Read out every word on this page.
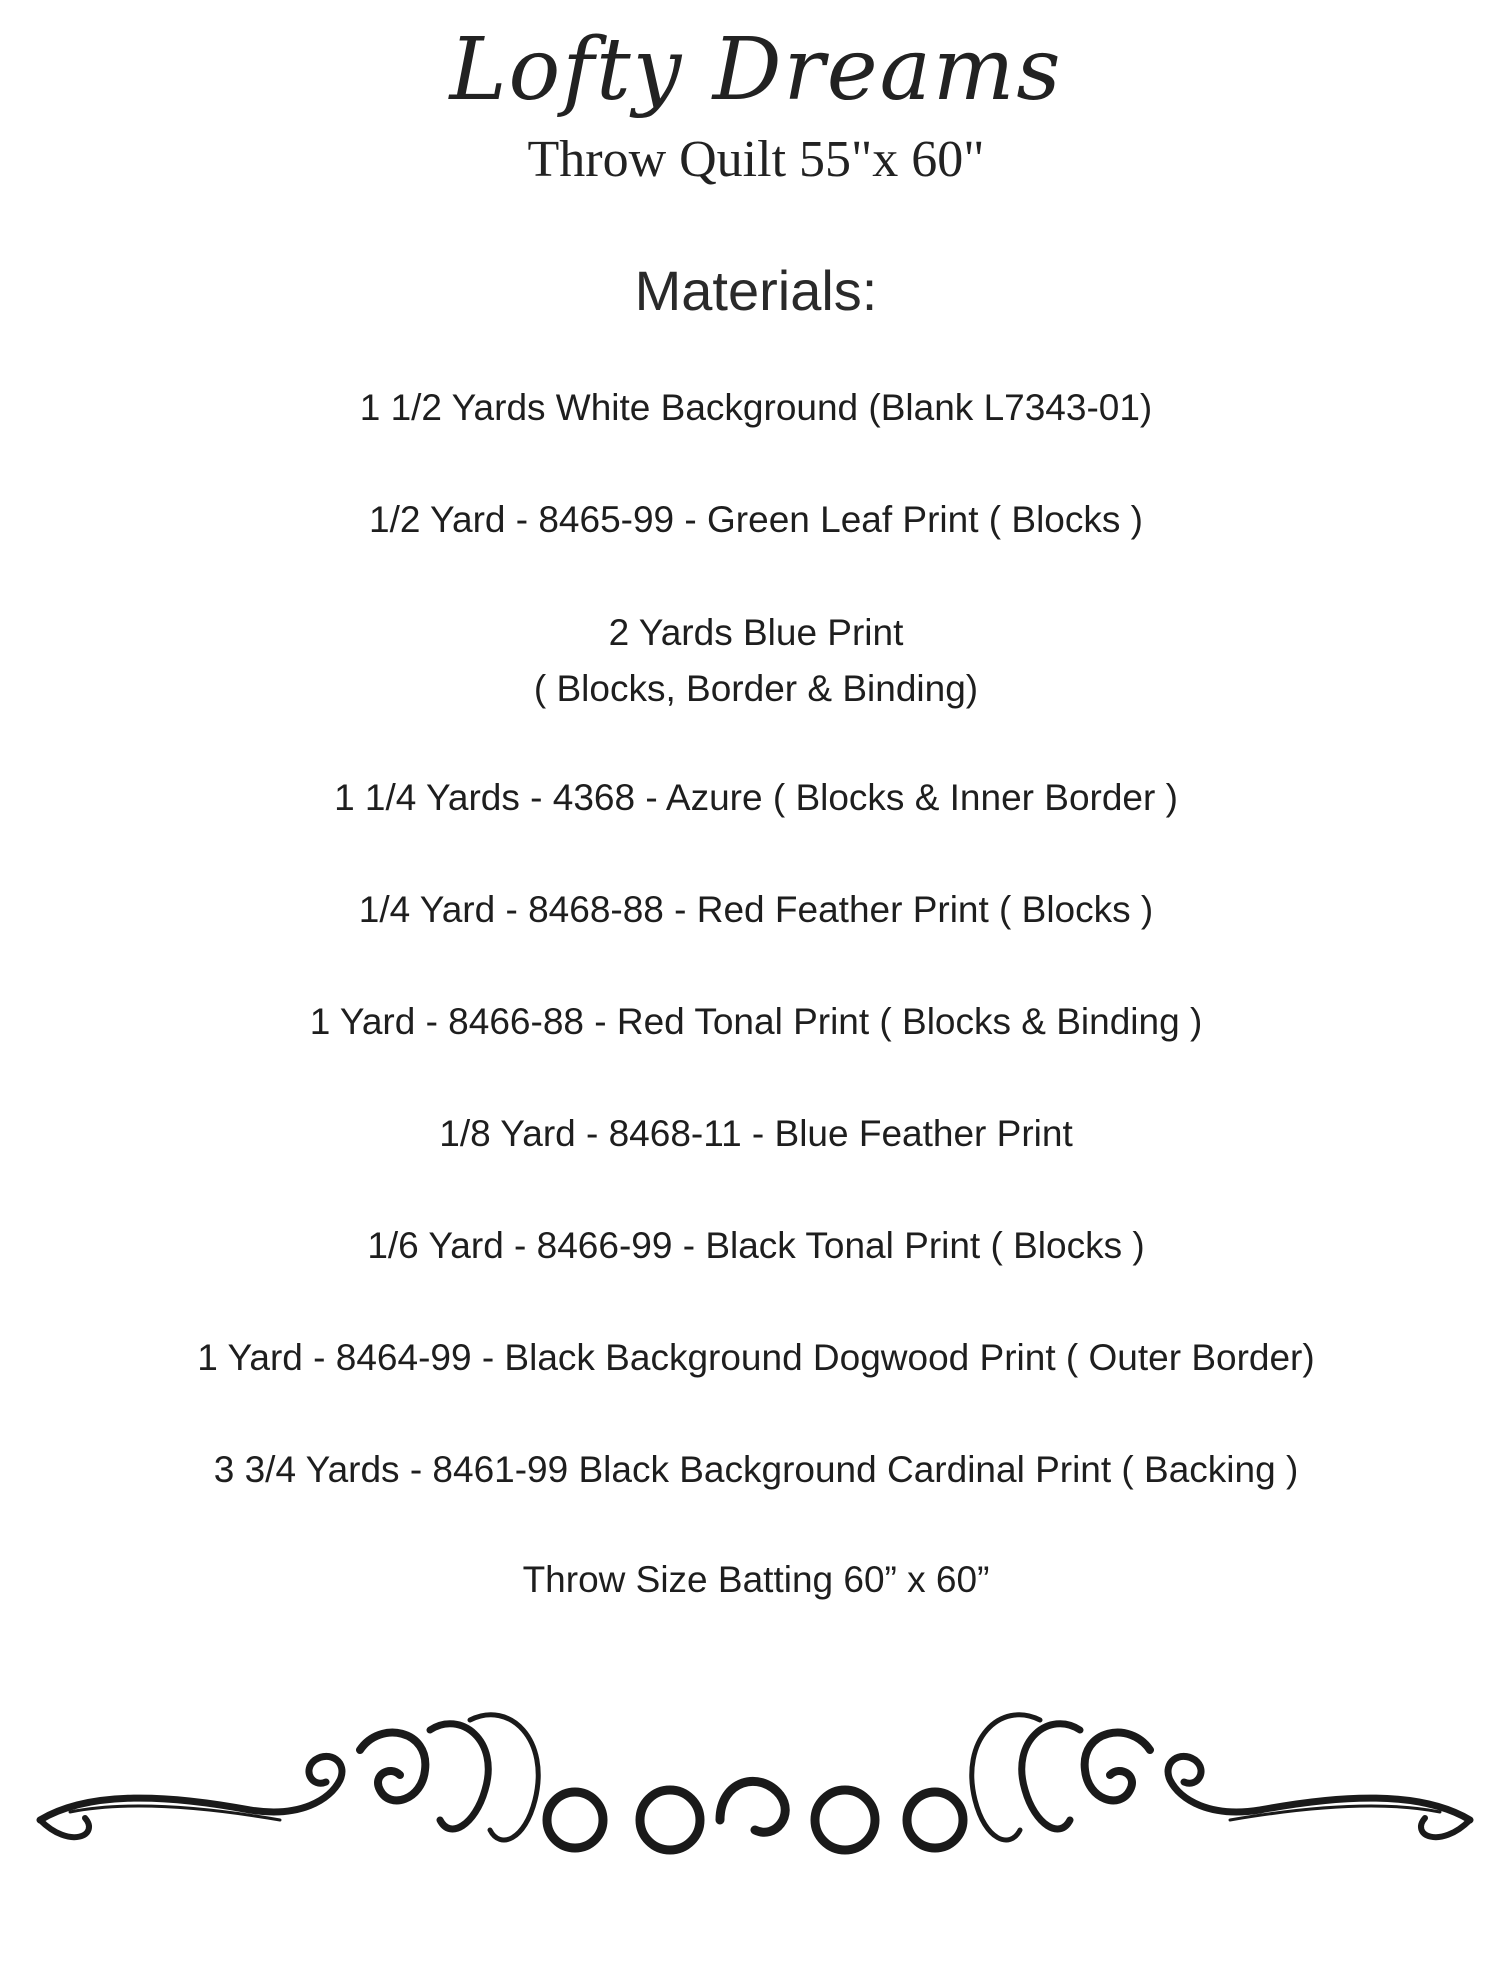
Lofty Dreams
Throw Quilt 55"x 60"
Materials:
1 1/2 Yards White Background (Blank L7343-01)
1/2 Yard - 8465-99 - Green Leaf Print ( Blocks )
2 Yards Blue Print
( Blocks, Border & Binding)
1 1/4 Yards - 4368 - Azure ( Blocks & Inner Border )
1/4 Yard - 8468-88 - Red Feather Print ( Blocks )
1 Yard - 8466-88 - Red Tonal Print ( Blocks & Binding )
1/8 Yard - 8468-11 - Blue Feather Print
1/6 Yard - 8466-99 - Black Tonal Print ( Blocks )
1 Yard - 8464-99 - Black Background Dogwood Print ( Outer Border)
3 3/4 Yards - 8461-99 Black Background Cardinal Print ( Backing )
Throw Size Batting 60” x 60”
